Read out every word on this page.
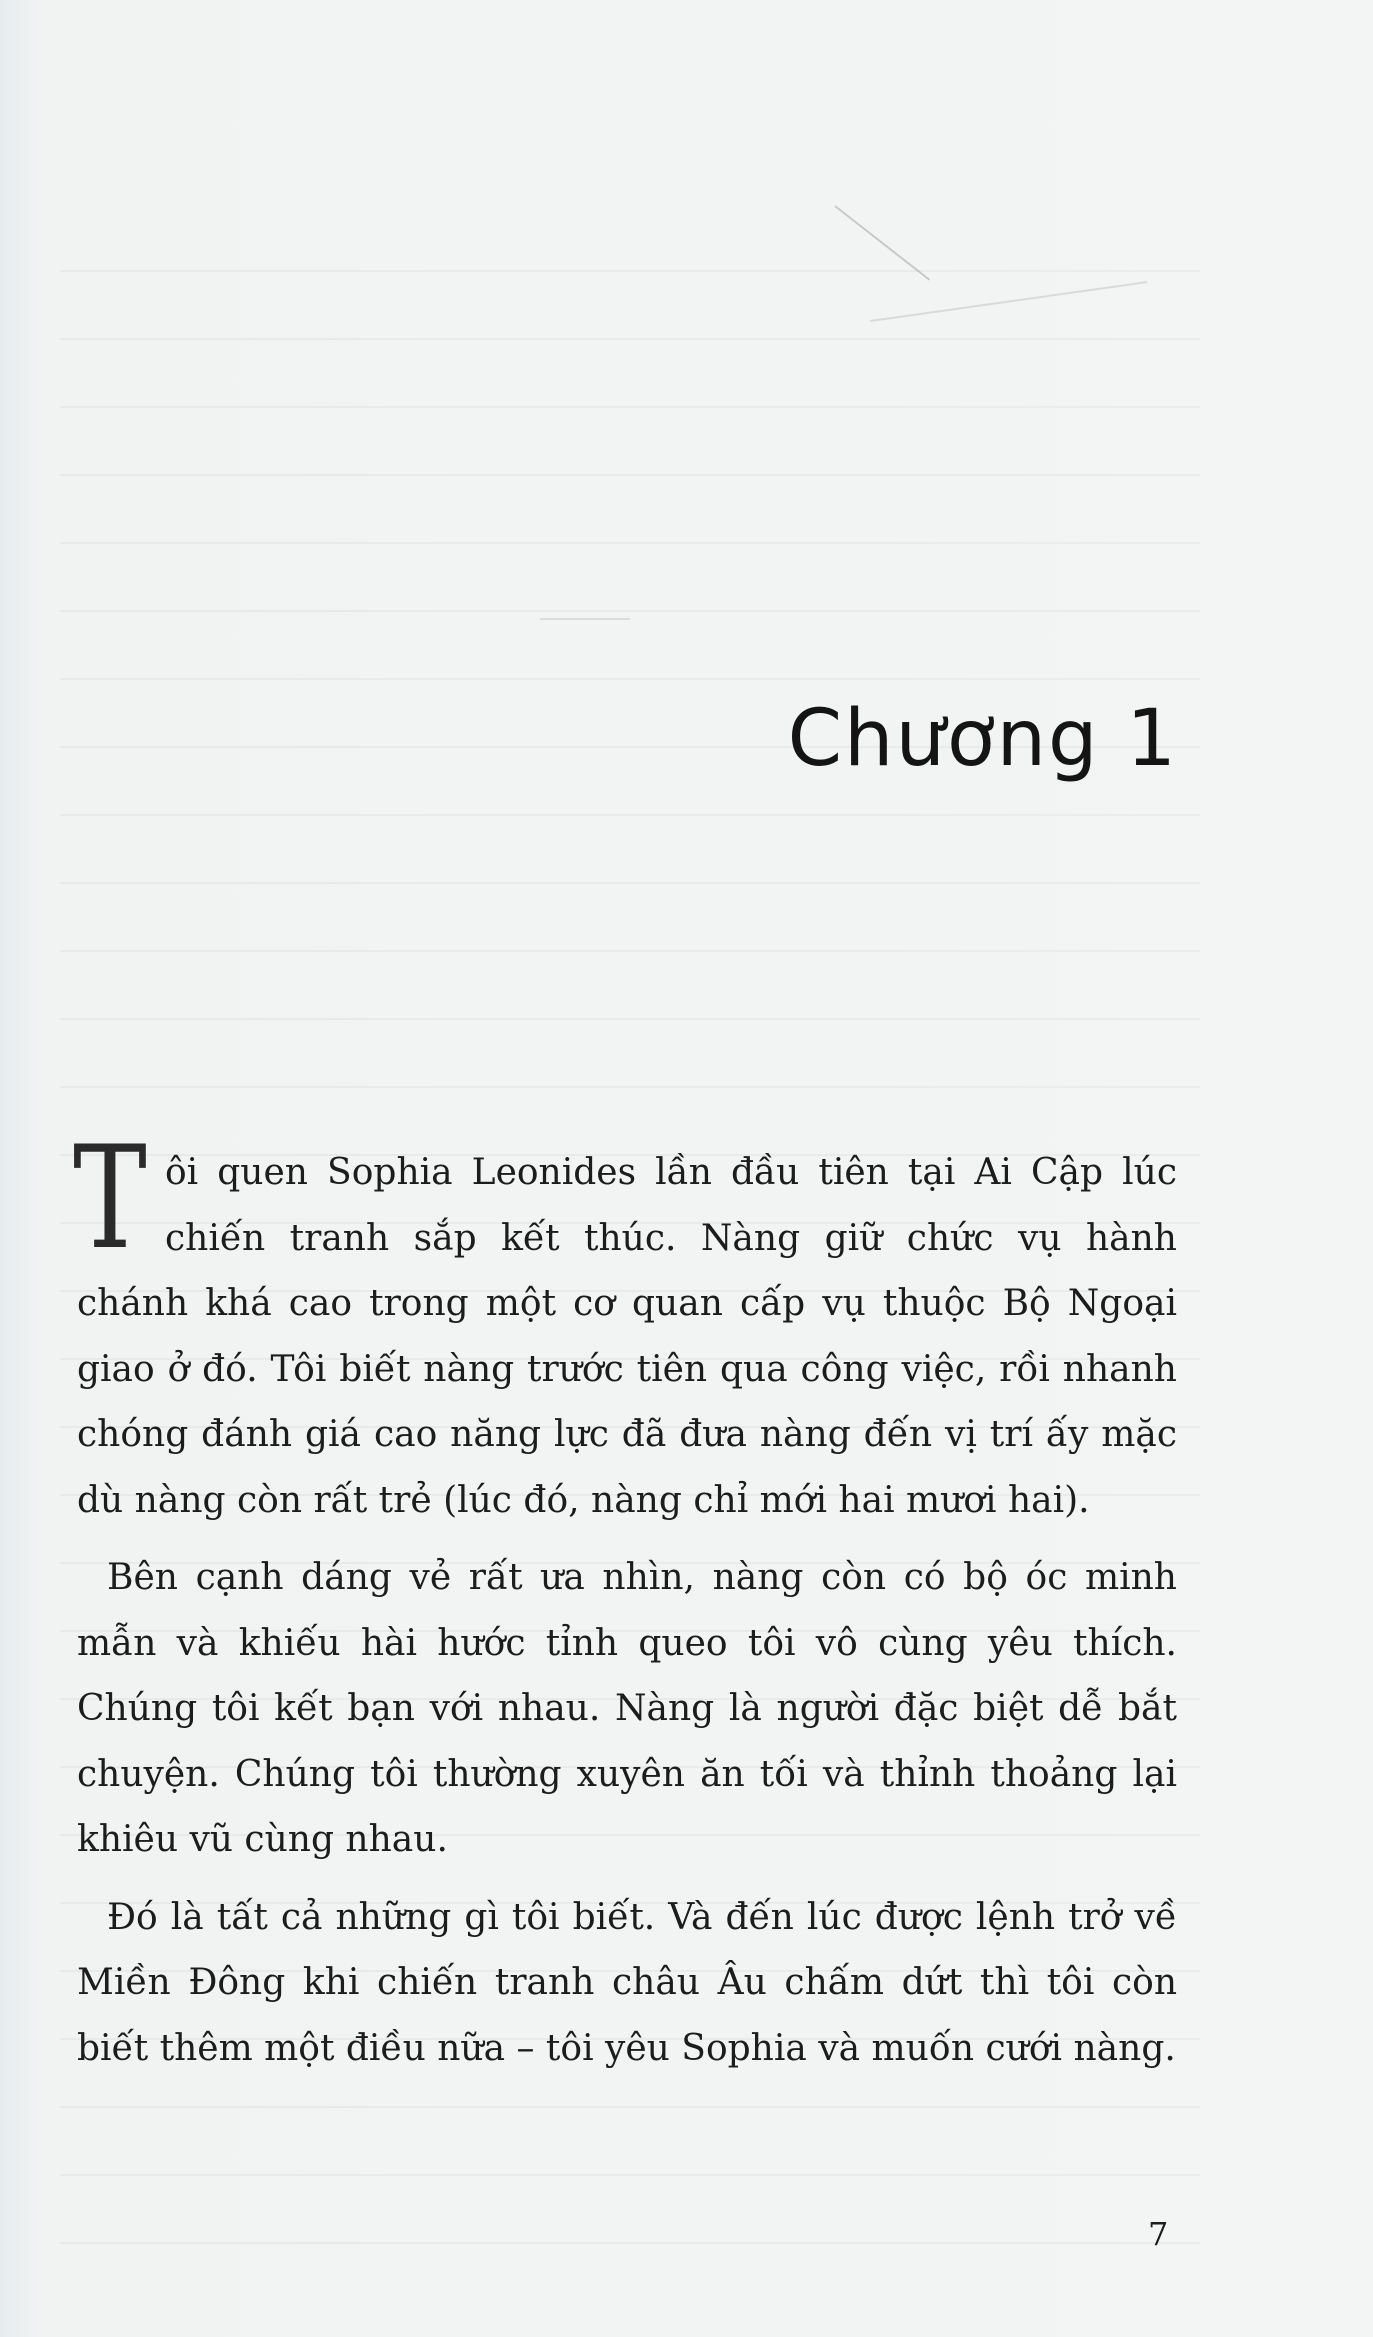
Chương 1

Tôi quen Sophia Leonides lần đầu tiên tại Ai Cập lúc chiến tranh sắp kết thúc. Nàng giữ chức vụ hành chánh khá cao trong một cơ quan cấp vụ thuộc Bộ Ngoại giao ở đó. Tôi biết nàng trước tiên qua công việc, rồi nhanh chóng đánh giá cao năng lực đã đưa nàng đến vị trí ấy mặc dù nàng còn rất trẻ (lúc đó, nàng chỉ mới hai mươi hai).

Bên cạnh dáng vẻ rất ưa nhìn, nàng còn có bộ óc minh mẫn và khiếu hài hước tỉnh queo tôi vô cùng yêu thích. Chúng tôi kết bạn với nhau. Nàng là người đặc biệt dễ bắt chuyện. Chúng tôi thường xuyên ăn tối và thỉnh thoảng lại khiêu vũ cùng nhau.

Đó là tất cả những gì tôi biết. Và đến lúc được lệnh trở về Miền Đông khi chiến tranh châu Âu chấm dứt thì tôi còn biết thêm một điều nữa – tôi yêu Sophia và muốn cưới nàng.

7
